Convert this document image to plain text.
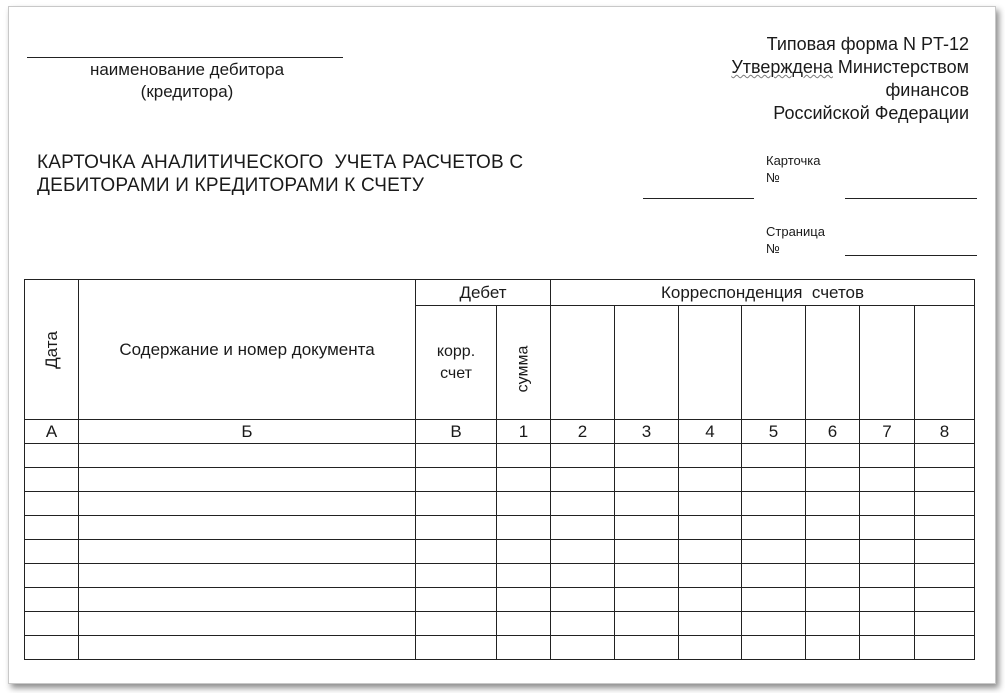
наименование дебитора
(кредитора)
Типовая форма N PT-12
Утверждена Министерством
финансов
Российской Федерации
КАРТОЧКА АНАЛИТИЧЕСКОГО  УЧЕТА РАСЧЕТОВ С
ДЕБИТОРАМИ И КРЕДИТОРАМИ К СЧЕТУ
Карточка
№
Страница
№
Дата	Содержание и номер документа	Дебет	Корреспонденция  счетов

корр.
счет	сумма							
А	Б	В	1	2	3	4	5	6	7	8
